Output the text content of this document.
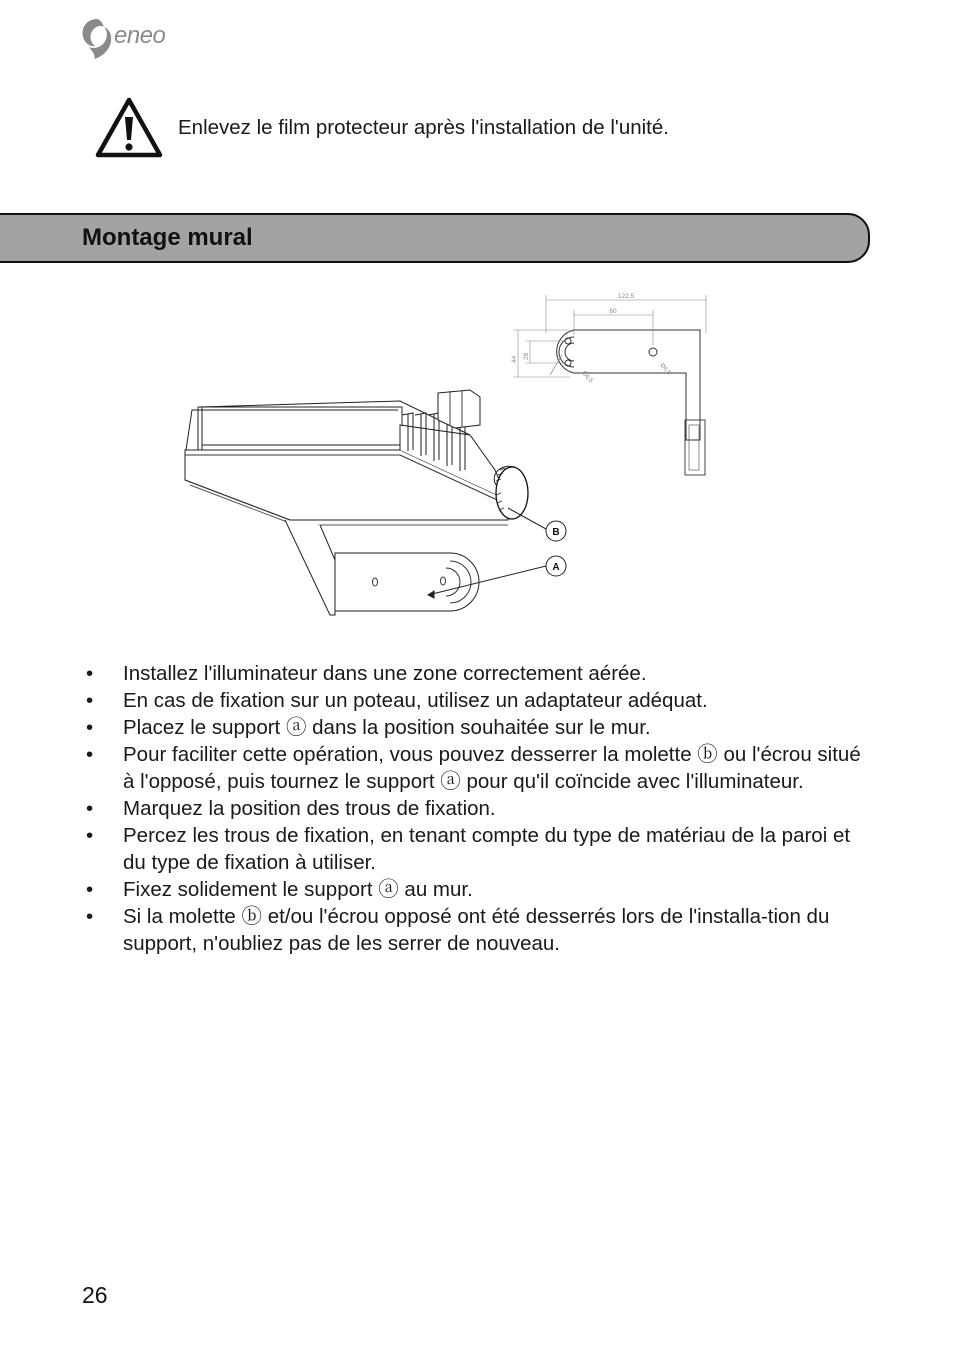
eneo
Enlevez le film protecteur après l'installation de l'unité.
Montage mural
B
A
122.5
60
44 28
Ø6.5
Ø6.5
• Installez l'illuminateur dans une zone correctement aérée.
• En cas de fixation sur un poteau, utilisez un adaptateur adéquat.
• Placez le support ⓐ dans la position souhaitée sur le mur.
• Pour faciliter cette opération, vous pouvez desserrer la molette ⓑ ou l'écrou situé à l'opposé, puis tournez le support ⓐ pour qu'il coïncide avec l'illuminateur.
• Marquez la position des trous de fixation.
• Percez les trous de fixation, en tenant compte du type de matériau de la paroi et du type de fixation à utiliser.
• Fixez solidement le support ⓐ au mur.
• Si la molette ⓑ et/ou l'écrou opposé ont été desserrés lors de l'installa-tion du support, n'oubliez pas de les serrer de nouveau.
26
